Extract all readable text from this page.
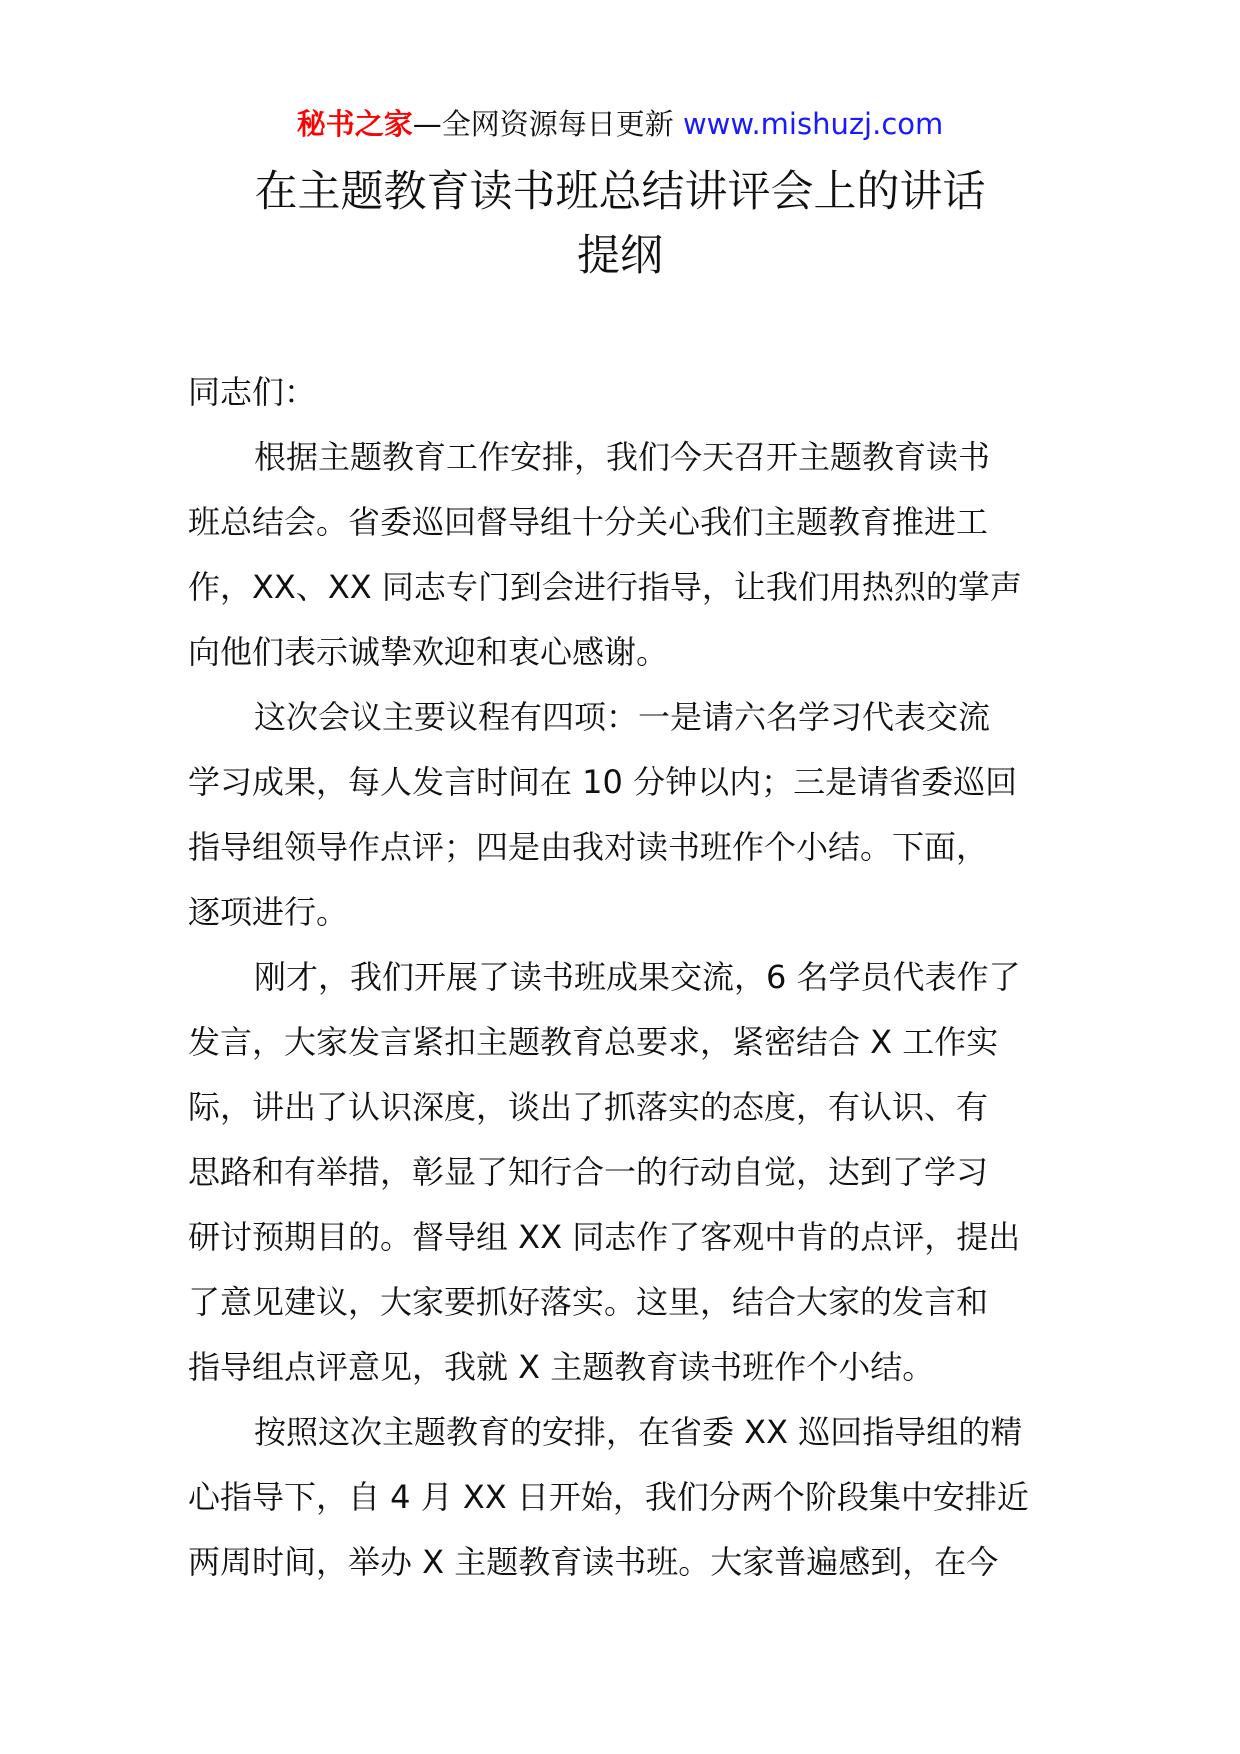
秘书之家—全网资源每日更新 www.mishuzj.com
在主题教育读书班总结讲评会上的讲话
提纲

同志们：

根据主题教育工作安排，我们今天召开主题教育读书
班总结会。省委巡回督导组十分关心我们主题教育推进工
作，XX、XX 同志专门到会进行指导，让我们用热烈的掌声
向他们表示诚挚欢迎和衷心感谢。
这次会议主要议程有四项：一是请六名学习代表交流
学习成果，每人发言时间在 10 分钟以内；三是请省委巡回
指导组领导作点评；四是由我对读书班作个小结。下面，
逐项进行。
刚才，我们开展了读书班成果交流，6 名学员代表作了
发言，大家发言紧扣主题教育总要求，紧密结合 X 工作实
际，讲出了认识深度，谈出了抓落实的态度，有认识、有
思路和有举措，彰显了知行合一的行动自觉，达到了学习
研讨预期目的。督导组 XX 同志作了客观中肯的点评，提出
了意见建议，大家要抓好落实。这里，结合大家的发言和
指导组点评意见，我就 X 主题教育读书班作个小结。
按照这次主题教育的安排，在省委 XX 巡回指导组的精
心指导下，自 4 月 XX 日开始，我们分两个阶段集中安排近
两周时间，举办 X 主题教育读书班。大家普遍感到，在今
